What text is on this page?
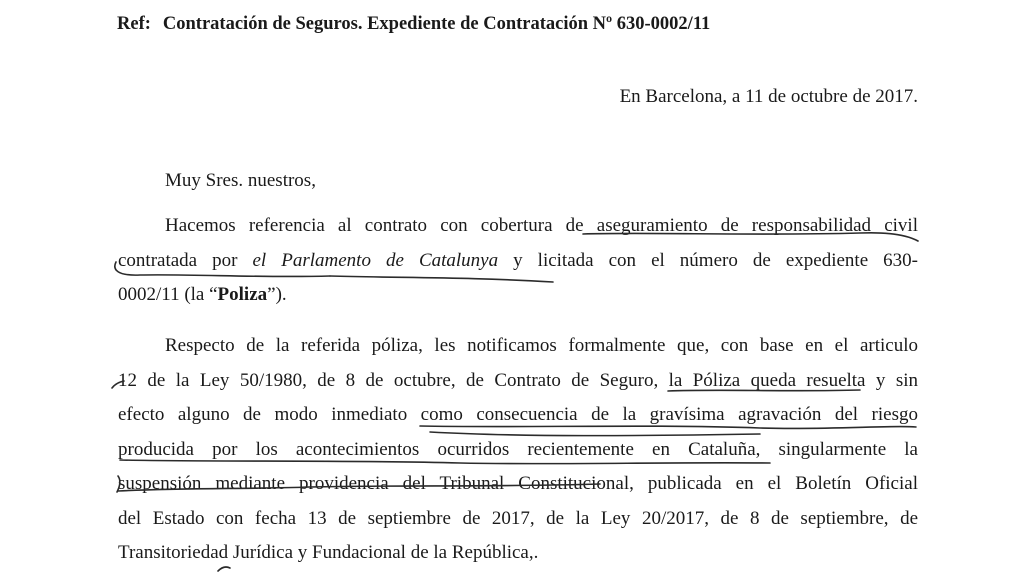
Ref: Contratación de Seguros. Expediente de Contratación Nº 630-0002/11
En Barcelona, a 11 de octubre de 2017.
Muy Sres. nuestros,
Hacemos referencia al contrato con cobertura de aseguramiento de responsabilidad civil
contratada por el Parlamento de Catalunya y licitada con el número de expediente 630-
0002/11 (la “Poliza”).
Respecto de la referida póliza, les notificamos formalmente que, con base en el articulo
12 de la Ley 50/1980, de 8 de octubre, de Contrato de Seguro, la Póliza queda resuelta y sin
efecto alguno de modo inmediato como consecuencia de la gravísima agravación del riesgo
producida por los acontecimientos ocurridos recientemente en Cataluña, singularmente la
suspensión mediante providencia del Tribunal Constitucional, publicada en el Boletín Oficial
del Estado con fecha 13 de septiembre de 2017, de la Ley 20/2017, de 8 de septiembre, de
Transitoriedad Jurídica y Fundacional de la República,.
